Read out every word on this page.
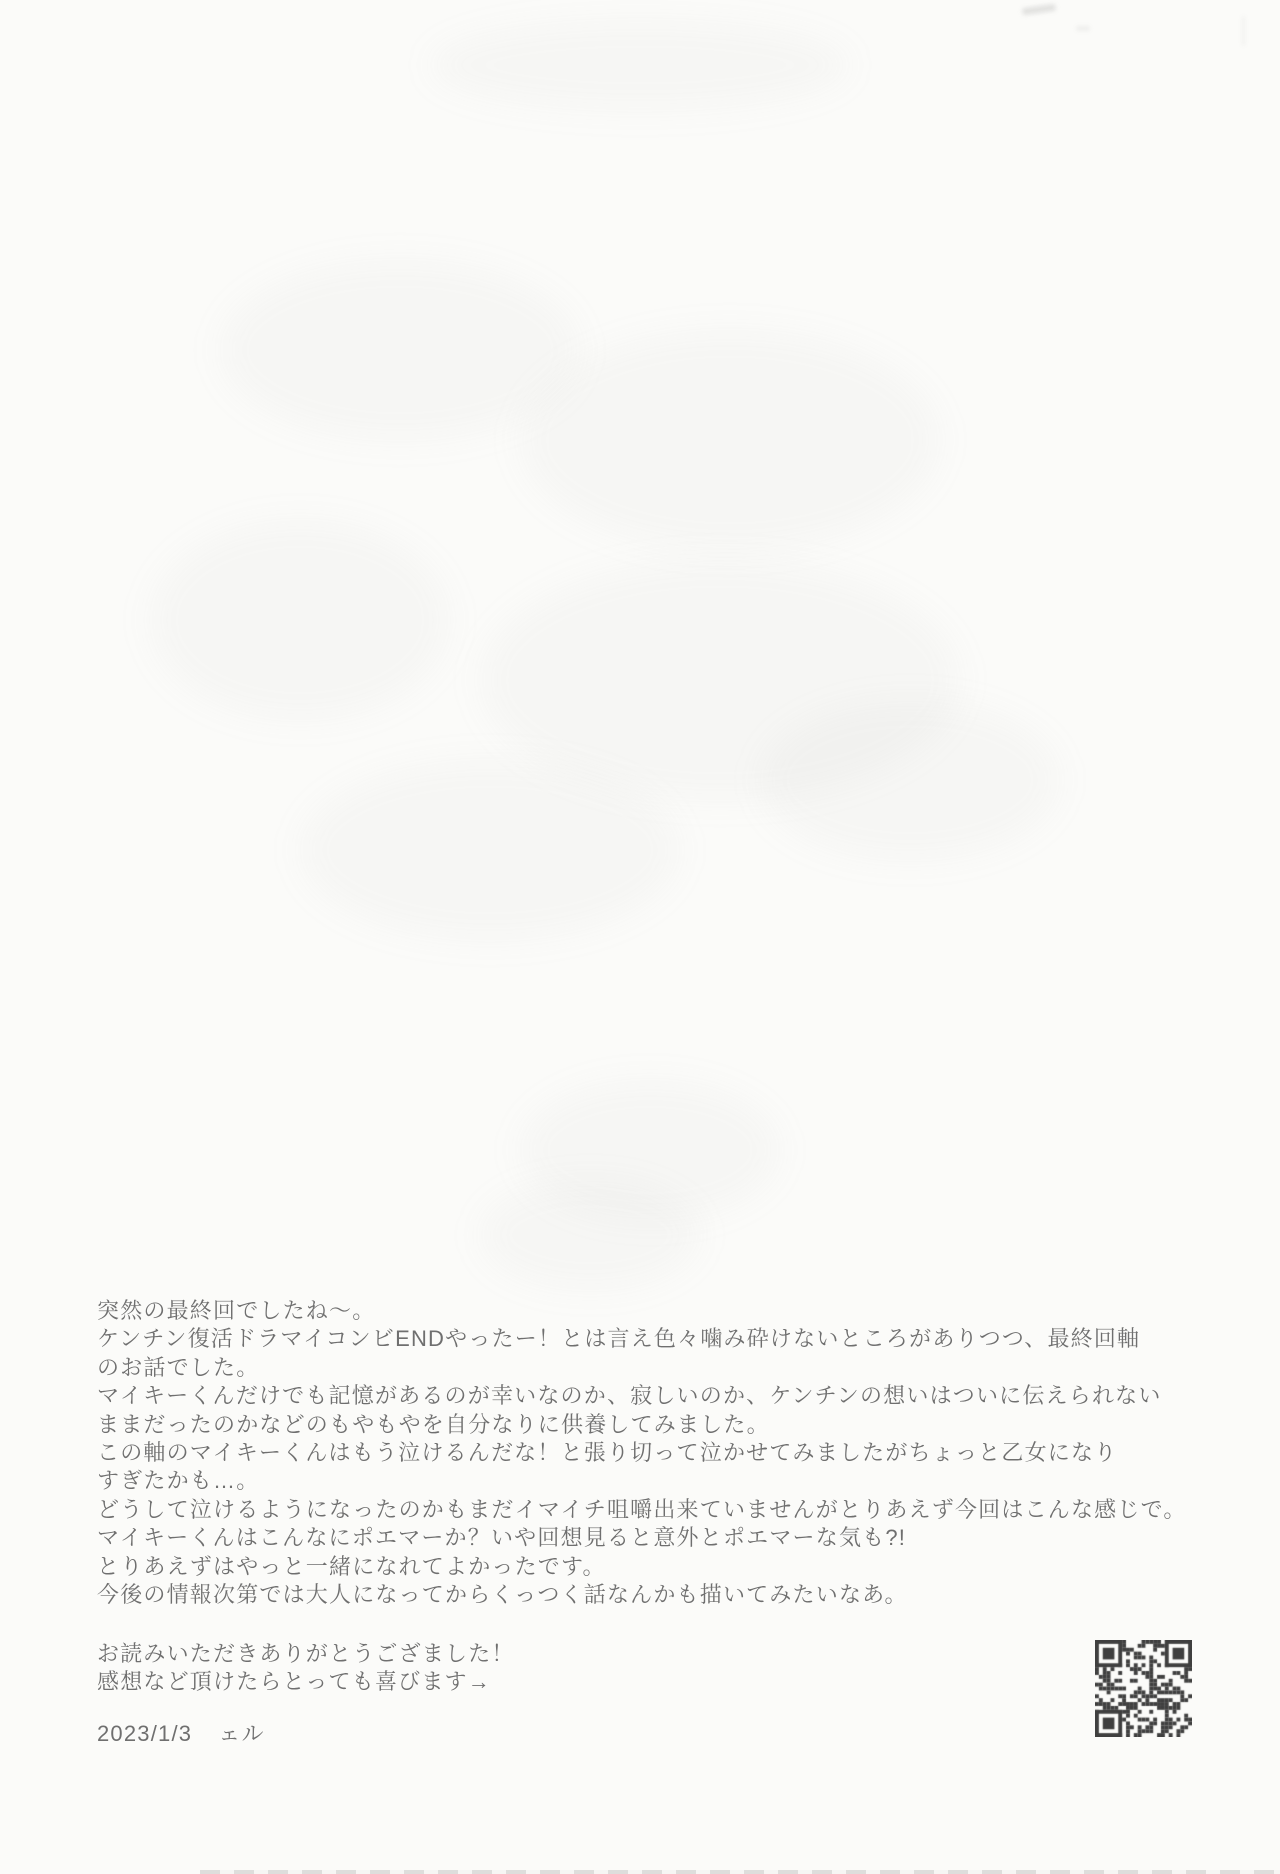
突然の最終回でしたね〜。
ケンチン復活ドラマイコンビENDやったー！とは言え色々噛み砕けないところがありつつ、最終回軸
のお話でした。
マイキーくんだけでも記憶があるのが幸いなのか、寂しいのか、ケンチンの想いはついに伝えられない
ままだったのかなどのもやもやを自分なりに供養してみました。
この軸のマイキーくんはもう泣けるんだな！と張り切って泣かせてみましたがちょっと乙女になり
すぎたかも…。
どうして泣けるようになったのかもまだイマイチ咀嚼出来ていませんがとりあえず今回はこんな感じで。
マイキーくんはこんなにポエマーか？いや回想見ると意外とポエマーな気も?!
とりあえずはやっと一緒になれてよかったです。
今後の情報次第では大人になってからくっつく話なんかも描いてみたいなあ。
お読みいただきありがとうござました！
感想など頂けたらとっても喜びます→
2023/1/3 ェル
